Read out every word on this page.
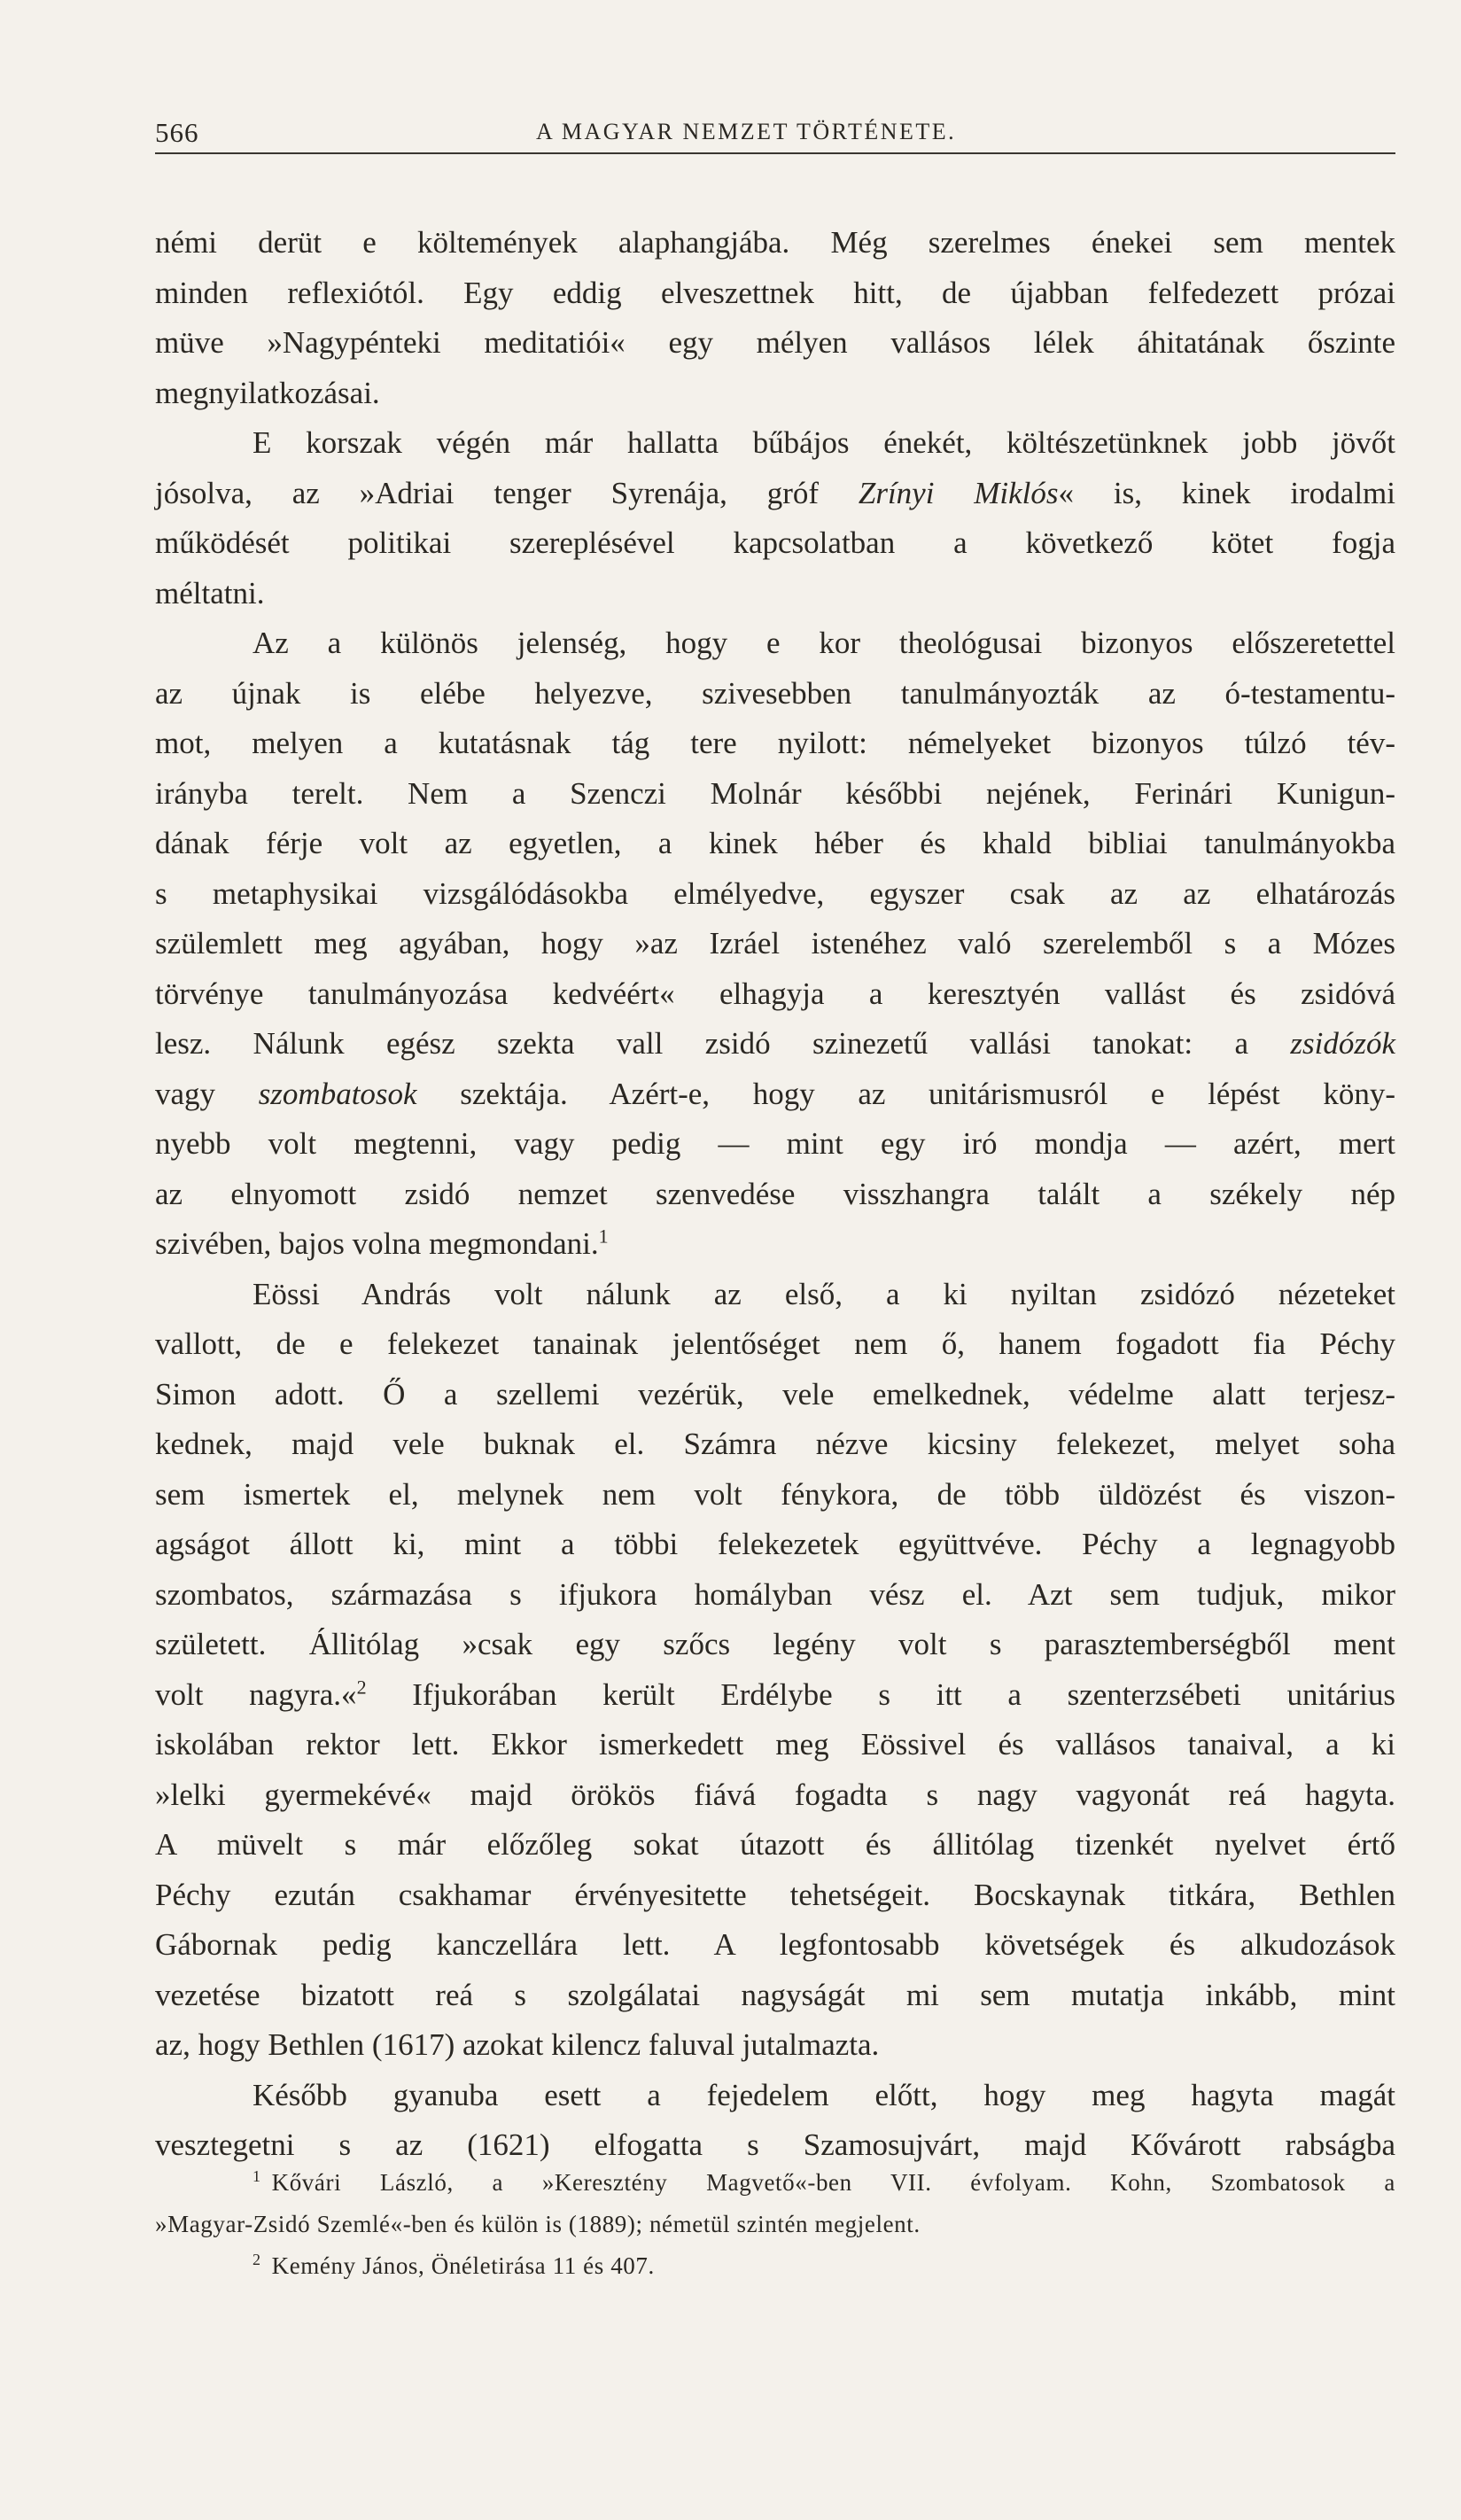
566	A MAGYAR NEMZET TÖRTÉNETE.
némi derüt e költemények alaphangjába. Még szerelmes énekei sem mentek
minden reflexiótól. Egy eddig elveszettnek hitt, de újabban felfedezett prózai
müve »Nagypénteki meditatiói« egy mélyen vallásos lélek áhitatának őszinte
megnyilatkozásai.
E korszak végén már hallatta bűbájos énekét, költészetünknek jobb jövőt
jósolva, az »Adriai tenger Syrenája, gróf Zrínyi Miklós« is, kinek irodalmi
működését politikai szereplésével kapcsolatban a következő kötet fogja
méltatni.
Az a különös jelenség, hogy e kor theológusai bizonyos előszeretettel
az újnak is elébe helyezve, szivesebben tanulmányozták az ó-testamentu-
mot, melyen a kutatásnak tág tere nyilott: némelyeket bizonyos túlzó tév-
irányba terelt. Nem a Szenczi Molnár későbbi nejének, Ferinári Kunigun-
dának férje volt az egyetlen, a kinek héber és khald bibliai tanulmányokba
s metaphysikai vizsgálódásokba elmélyedve, egyszer csak az az elhatározás
szülemlett meg agyában, hogy »az Izráel istenéhez való szerelemből s a Mózes
törvénye tanulmányozása kedvéért« elhagyja a keresztyén vallást és zsidóvá
lesz. Nálunk egész szekta vall zsidó szinezetű vallási tanokat: a zsidózók
vagy szombatosok szektája. Azért-e, hogy az unitárismusról e lépést köny-
nyebb volt megtenni, vagy pedig — mint egy iró mondja — azért, mert
az elnyomott zsidó nemzet szenvedése visszhangra talált a székely nép
szivében, bajos volna megmondani.$^1$
Eössi András volt nálunk az első, a ki nyiltan zsidózó nézeteket
vallott, de e felekezet tanainak jelentőséget nem ő, hanem fogadott fia Péchy
Simon adott. Ő a szellemi vezérük, vele emelkednek, védelme alatt terjesz-
kednek, majd vele buknak el. Számra nézve kicsiny felekezet, melyet soha
sem ismertek el, melynek nem volt fénykora, de több üldözést és viszon-
agságot állott ki, mint a többi felekezetek együttvéve. Péchy a legnagyobb
szombatos, származása s ifjukora homályban vész el. Azt sem tudjuk, mikor
született. Állitólag »csak egy szőcs legény volt s parasztemberségből ment
volt nagyra.«$^2$ Ifjukorában került Erdélybe s itt a szenterzsébeti unitárius
iskolában rektor lett. Ekkor ismerkedett meg Eössivel és vallásos tanaival, a ki
»lelki gyermekévé« majd örökös fiává fogadta s nagy vagyonát reá hagyta.
A müvelt s már előzőleg sokat útazott és állitólag tizenkét nyelvet értő
Péchy ezután csakhamar érvényesitette tehetségeit. Bocskaynak titkára, Bethlen
Gábornak pedig kanczellára lett. A legfontosabb követségek és alkudozások
vezetése bizatott reá s szolgálatai nagyságát mi sem mutatja inkább, mint
az, hogy Bethlen (1617) azokat kilencz faluval jutalmazta.
Később gyanuba esett a fejedelem előtt, hogy meg hagyta magát
vesztegetni s az (1621) elfogatta s Szamosujvárt, majd Kővárott rabságba
$^1$ Kővári László, a »Keresztény Magvető«-ben VII. évfolyam. Kohn, Szombatosok a
»Magyar-Zsidó Szemlé«-ben és külön is (1889); németül szintén megjelent.
$^2$ Kemény János, Önéletirása 11 és 407.
